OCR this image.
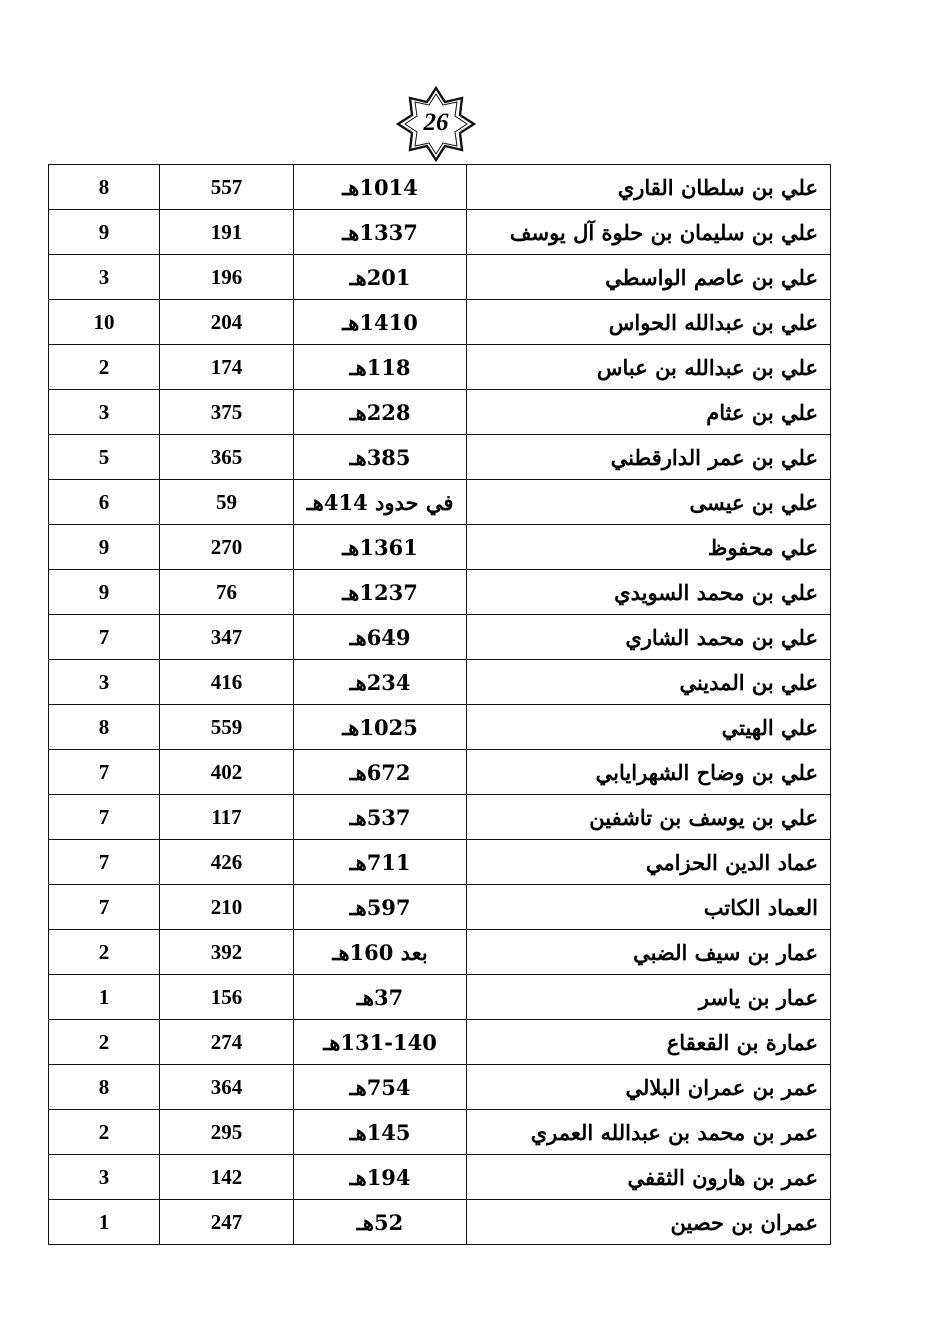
26
علي بن سلطان القاري	1014هـ	557	8
علي بن سليمان بن حلوة آل يوسف	1337هـ	191	9
علي بن عاصم الواسطي	201هـ	196	3
علي بن عبدالله الحواس	1410هـ	204	10
علي بن عبدالله بن عباس	118هـ	174	2
علي بن عثام	228هـ	375	3
علي بن عمر الدارقطني	385هـ	365	5
علي بن عيسى	في حدود 414هـ	59	6
علي محفوظ	1361هـ	270	9
علي بن محمد السويدي	1237هـ	76	9
علي بن محمد الشاري	649هـ	347	7
علي بن المديني	234هـ	416	3
علي الهيتي	1025هـ	559	8
علي بن وضاح الشهرايابي	672هـ	402	7
علي بن يوسف بن تاشفين	537هـ	117	7
عماد الدين الحزامي	711هـ	426	7
العماد الكاتب	597هـ	210	7
عمار بن سيف الضبي	بعد 160هـ	392	2
عمار بن ياسر	37هـ	156	1
عمارة بن القعقاع	131-140هـ	274	2
عمر بن عمران البلالي	754هـ	364	8
عمر بن محمد بن عبدالله العمري	145هـ	295	2
عمر بن هارون الثقفي	194هـ	142	3
عمران بن حصين	52هـ	247	1
